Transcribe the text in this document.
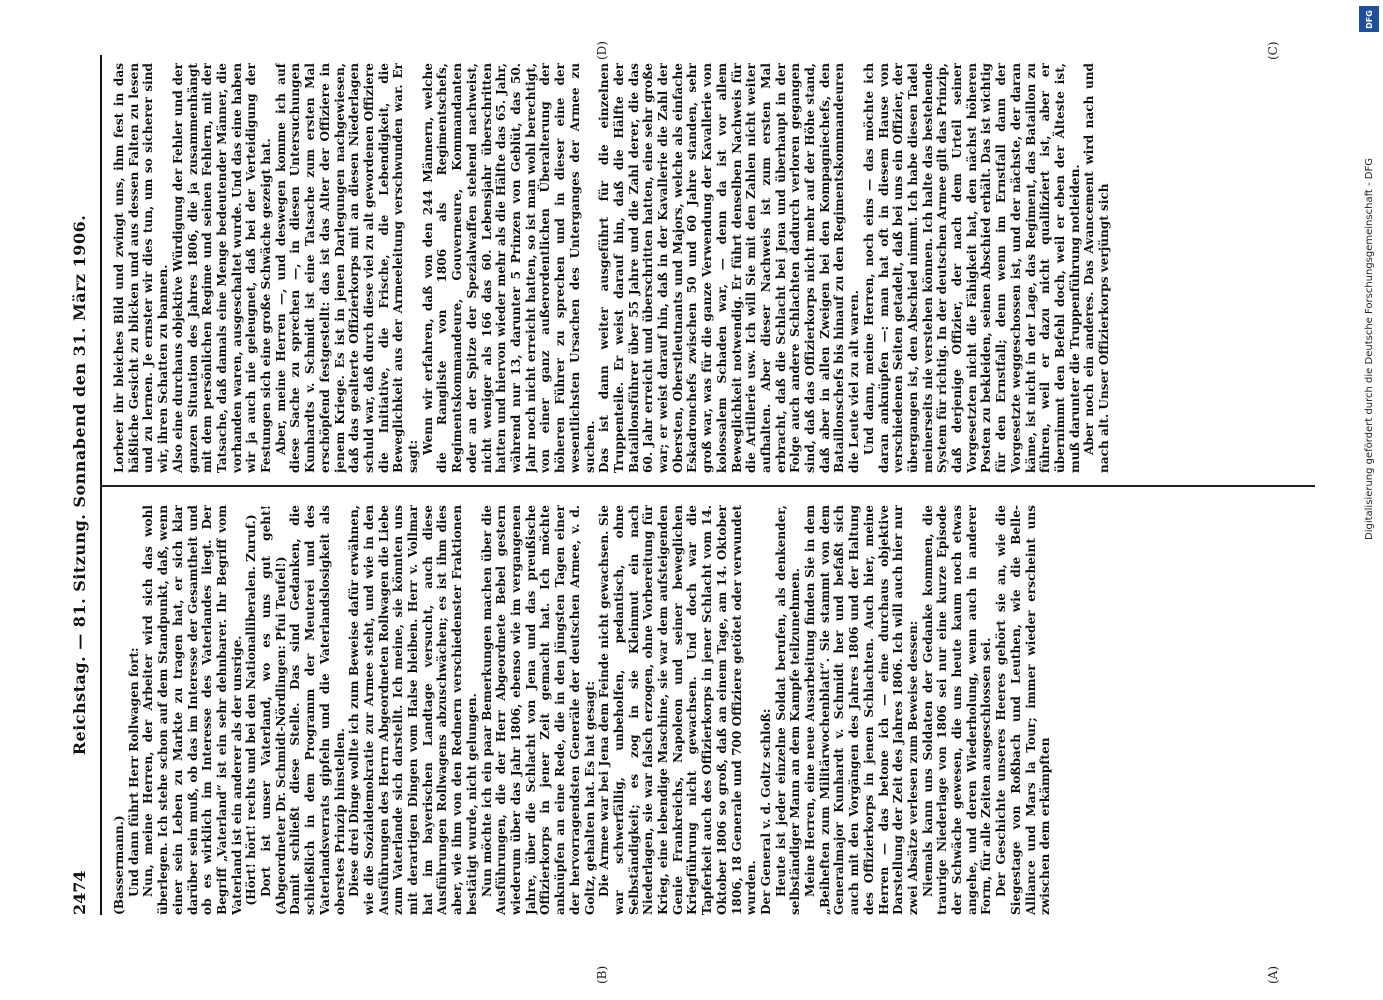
(A)
(B)
(C)
(D)
2474
Reichstag. — 81. Sitzung. Sonnabend den 31. März 1906.

(Bassermann.) Und dann führt Herr Rollwagen fort: Nun, meine Herren, der Arbeiter wird sich das wohl überlegen. Ich stehe schon auf dem Standpunkt, daß, wenn einer sein Leben zu Markte zu tragen hat, er sich klar darüber sein muß, ob das im Interesse der Gesamtheit und ob es wirklich im Interesse des Vaterlandes liegt. Der Begriff „Vaterland“ ist ein sehr dehnbarer. Ihr Begriff vom Vaterland ist ein anderer als der unsrige. (Hört! hört! rechts und bei den Nationalliberalen. Zuruf.) Dort ist unser Vaterland, wo es uns gut geht! (Abgeordneter Dr. Schmidt-Nördlingen: Pfui Teufel!) Damit schließt diese Stelle. Das sind Gedanken, die schließlich in dem Programm der Meuterei und des Vaterlandsverrats gipfeln und die Vaterlandslosigkeit als oberstes Prinzip hinstellen. Diese drei Dinge wollte ich zum Beweise dafür erwähnen, wie die Sozialdemokratie zur Armee steht, und wie in den Ausführungen des Herrn Abgeordneten Rollwagen die Liebe zum Vaterlande sich darstellt. Ich meine, sie könnten uns mit derartigen Dingen vom Halse bleiben. Herr v. Vollmar hat im bayerischen Landtage versucht, auch diese Ausführungen Rollwagens abzuschwächen; es ist ihm dies aber, wie ihm von den Rednern verschiedenster Fraktionen bestätigt wurde, nicht gelungen. Nun möchte ich ein paar Bemerkungen machen über die Ausführungen, die der Herr Abgeordnete Bebel gestern wiederum über das Jahr 1806, ebenso wie im vergangenen Jahre, über die Schlacht von Jena und das preußische Offizierkorps in jener Zeit gemacht hat. Ich möchte anknüpfen an eine Rede, die in den jüngsten Tagen einer der hervorragendsten Generäle der deutschen Armee, v. d. Goltz, gehalten hat. Es hat gesagt: Die Armee war bei Jena dem Feinde nicht gewachsen. Sie war schwerfällig, unbeholfen, pedantisch, ohne Selbständigkeit; es zog in sie Kleinmut ein nach Niederlagen, sie war falsch erzogen, ohne Vorbereitung für Krieg, eine lebendige Maschine, sie war dem aufsteigenden Genie Frankreichs, Napoleon und seiner beweglichen Kriegführung nicht gewachsen. Und doch war die Tapferkeit auch des Offizierkorps in jener Schlacht vom 14. Oktober 1806 so groß, daß an einem Tage, am 14. Oktober 1806, 18 Generale und 700 Offiziere getötet oder verwundet wurden. Der General v. d. Goltz schloß: Heute ist jeder einzelne Soldat berufen, als denkender, selbständiger Mann an dem Kampfe teilzunehmen. Meine Herren, eine neue Ausarbeitung finden Sie in dem „Beiheften zum Militärwochenblatt“. Sie stammt von dem Generalmajor Kunhardt v. Schmidt her und befaßt sich auch mit den Vorgängen des Jahres 1806 und der Haltung des Offizierkorps in jenen Schlachten. Auch hier, meine Herren — das betone ich — eine durchaus objektive Darstellung der Zeit des Jahres 1806. Ich will auch hier nur zwei Absätze verlesen zum Beweise dessen: Niemals kann uns Soldaten der Gedanke kommen, die traurige Niederlage von 1806 sei nur eine kurze Episode der Schwäche gewesen, die uns heute kaum noch etwas angehe, und deren Wiederholung, wenn auch in anderer Form, für alle Zeiten ausgeschlossen sei. Der Geschichte unseres Heeres gehört sie an, wie die Siegestage von Roßbach und Leuthen, wie die Belle-Alliance und Mars la Tour; immer wieder erscheint uns zwischen dem erkämpften

Lorbeer ihr bleiches Bild und zwingt uns, ihm fest in das häßliche Gesicht zu blicken und aus dessen Falten zu lesen und zu lernen. Je ernster wir dies tun, um so sicherer sind wir, ihren Schatten zu bannen. Also eine durchaus objektive Würdigung der Fehler und der ganzen Situation des Jahres 1806, die ja zusammenhängt mit dem persönlichen Regime und seinen Fehlern, mit der Tatsache, daß damals eine Menge bedeutender Männer, die vorhanden waren, ausgeschaltet wurde. Und das eine haben wir ja auch nie geleugnet, daß bei der Verteidigung der Festungen sich eine große Schwäche gezeigt hat. Aber, meine Herren —, und deswegen komme ich auf diese Sache zu sprechen —, in diesen Untersuchungen Kunhardts v. Schmidt ist eine Tatsache zum ersten Mal erschöpfend festgestellt: das ist das Alter der Offiziere in jenem Kriege. Es ist in jenen Darlegungen nachgewiesen, daß das gealterte Offizierkorps mit an diesen Niederlagen schuld war, daß durch diese viel zu alt gewordenen Offiziere die Initiative, die Frische, die Lebendigkeit, die Beweglichkeit aus der Armeeleitung verschwunden war. Er sagt:

Wenn wir erfahren, daß von den 244 Männern, welche die Rangliste von 1806 als Regimentschefs, Regimentskommandeure, Gouverneure, Kommandanten oder an der Spitze der Spezialwaffen stehend nachweist, nicht weniger als 166 das 60. Lebensjahr überschritten hatten und hiervon wieder mehr als die Hälfte das 65. Jahr, während nur 13, darunter 5 Prinzen von Geblüt, das 50. Jahr noch nicht erreicht hatten, so ist man wohl berechtigt, von einer ganz außerordentlichen Überalterung der höheren Führer zu sprechen und in dieser eine der wesentlichsten Ursachen des Unterganges der Armee zu suchen. Das ist dann weiter ausgeführt für die einzelnen Truppenteile. Er weist darauf hin, daß die Hälfte der Bataillonsführer über 55 Jahre und die Zahl derer, die das 60. Jahr erreicht und überschritten hatten, eine sehr große war; er weist darauf hin, daß in der Kavallerie die Zahl der Obersten, Oberstleutnants und Majors, welche als einfache Eskadronchefs zwischen 50 und 60 Jahre standen, sehr groß war, was für die ganze Verwendung der Kavallerie von kolossalem Schaden war, — denn da ist vor allem Beweglichkeit notwendig. Er führt denselben Nachweis für die Artillerie usw. Ich will Sie mit den Zahlen nicht weiter aufhalten. Aber dieser Nachweis ist zum ersten Mal erbracht, daß die Schlacht bei Jena und überhaupt in der Folge auch andere Schlachten dadurch verloren gegangen sind, daß das Offizierkorps nicht mehr auf der Höhe stand, daß aber in allen Zweigen bei den Kompagniechefs, den Bataillonschefs bis hinauf zu den Regimentskommandeuren die Leute viel zu alt waren. Und dann, meine Herren, noch eins — das möchte ich daran anknüpfen —: man hat oft in diesem Hause von verschiedenen Seiten getadelt, daß bei uns ein Offizier, der übergangen ist, den Abschied nimmt. Ich habe diesen Tadel meinerseits nie verstehen können. Ich halte das bestehende System für richtig. In der deutschen Armee gilt das Prinzip, daß derjenige Offizier, der nach dem Urteil seiner Vorgesetzten nicht die Fähigkeit hat, den nächst höheren Posten zu bekleiden, seinen Abschied erhält. Das ist wichtig für den Ernstfall; denn wenn im Ernstfall dann der Vorgesetzte weggeschossen ist, und der nächste, der daran käme, ist nicht in der Lage, das Regiment, das Bataillon zu führen, weil er dazu nicht qualifiziert ist, aber er übernimmt den Befehl doch, weil er eben der Älteste ist, muß darunter die Truppenführung notleiden. Aber noch ein anderes. Das Avancement wird nach und nach alt. Unser Offizierkorps verjüngt sich

DFG
Digitalisierung gefördert durch die Deutsche Forschungsgemeinschaft - DFG
